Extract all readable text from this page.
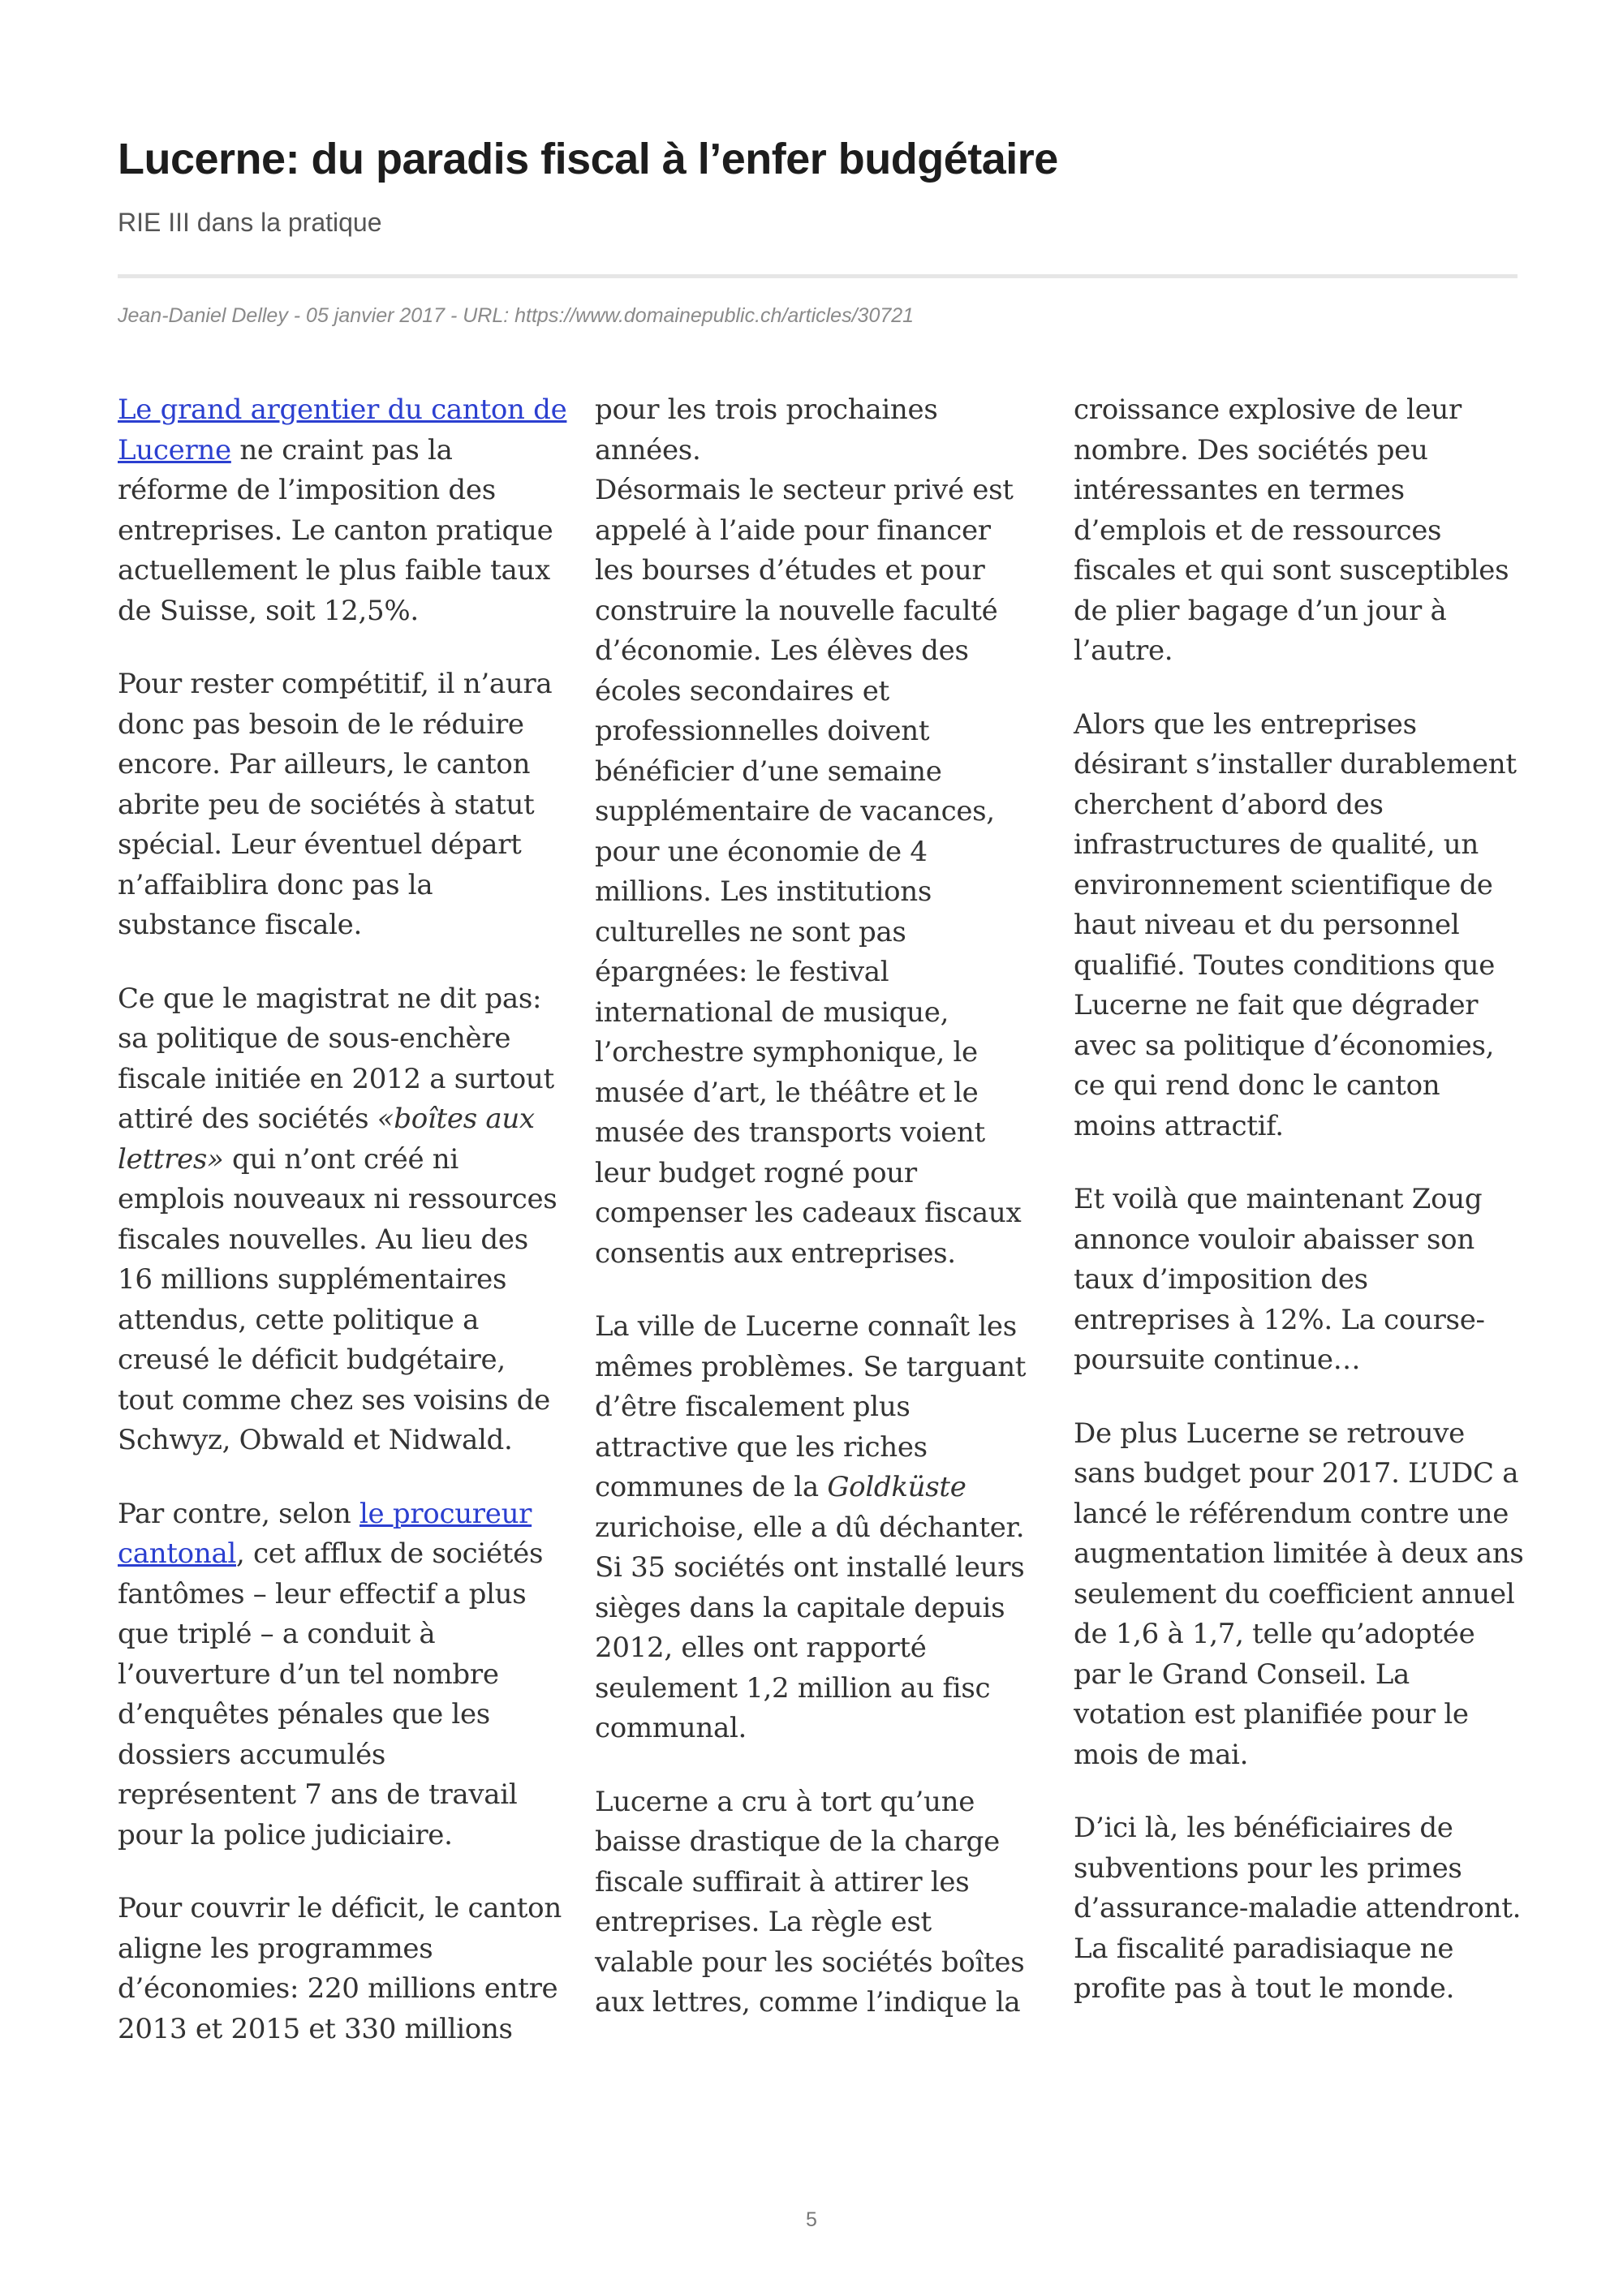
Lucerne: du paradis fiscal à l’enfer budgétaire
RIE III dans la pratique
Jean-Daniel Delley - 05 janvier 2017 - URL: https://www.domainepublic.ch/articles/30721

Le grand argentier du canton de Lucerne ne craint pas la réforme de l’imposition des entreprises. Le canton pratique actuellement le plus faible taux de Suisse, soit 12,5%.

Pour rester compétitif, il n’aura donc pas besoin de le réduire encore. Par ailleurs, le canton abrite peu de sociétés à statut spécial. Leur éventuel départ n’affaiblira donc pas la substance fiscale.

Ce que le magistrat ne dit pas: sa politique de sous-enchère fiscale initiée en 2012 a surtout attiré des sociétés «boîtes aux lettres» qui n’ont créé ni emplois nouveaux ni ressources fiscales nouvelles. Au lieu des 16 millions supplémentaires attendus, cette politique a creusé le déficit budgétaire, tout comme chez ses voisins de Schwyz, Obwald et Nidwald.

Par contre, selon le procureur cantonal, cet afflux de sociétés fantômes – leur effectif a plus que triplé – a conduit à l’ouverture d’un tel nombre d’enquêtes pénales que les dossiers accumulés représentent 7 ans de travail pour la police judiciaire.

Pour couvrir le déficit, le canton aligne les programmes d’économies: 220 millions entre 2013 et 2015 et 330 millions

pour les trois prochaines années.

Désormais le secteur privé est appelé à l’aide pour financer les bourses d’études et pour construire la nouvelle faculté d’économie. Les élèves des écoles secondaires et professionnelles doivent bénéficier d’une semaine supplémentaire de vacances, pour une économie de 4 millions. Les institutions culturelles ne sont pas épargnées: le festival international de musique, l’orchestre symphonique, le musée d’art, le théâtre et le musée des transports voient leur budget rogné pour compenser les cadeaux fiscaux consentis aux entreprises.

La ville de Lucerne connaît les mêmes problèmes. Se targuant d’être fiscalement plus attractive que les riches communes de la Goldküste zurichoise, elle a dû déchanter. Si 35 sociétés ont installé leurs sièges dans la capitale depuis 2012, elles ont rapporté seulement 1,2 million au fisc communal.

Lucerne a cru à tort qu’une baisse drastique de la charge fiscale suffirait à attirer les entreprises. La règle est valable pour les sociétés boîtes aux lettres, comme l’indique la

croissance explosive de leur nombre. Des sociétés peu intéressantes en termes d’emplois et de ressources fiscales et qui sont susceptibles de plier bagage d’un jour à l’autre.

Alors que les entreprises désirant s’installer durablement cherchent d’abord des infrastructures de qualité, un environnement scientifique de haut niveau et du personnel qualifié. Toutes conditions que Lucerne ne fait que dégrader avec sa politique d’économies, ce qui rend donc le canton moins attractif.

Et voilà que maintenant Zoug annonce vouloir abaisser son taux d’imposition des entreprises à 12%. La course-poursuite continue…

De plus Lucerne se retrouve sans budget pour 2017. L’UDC a lancé le référendum contre une augmentation limitée à deux ans seulement du coefficient annuel de 1,6 à 1,7, telle qu’adoptée par le Grand Conseil. La votation est planifiée pour le mois de mai.

D’ici là, les bénéficiaires de subventions pour les primes d’assurance-maladie attendront. La fiscalité paradisiaque ne profite pas à tout le monde.

5
